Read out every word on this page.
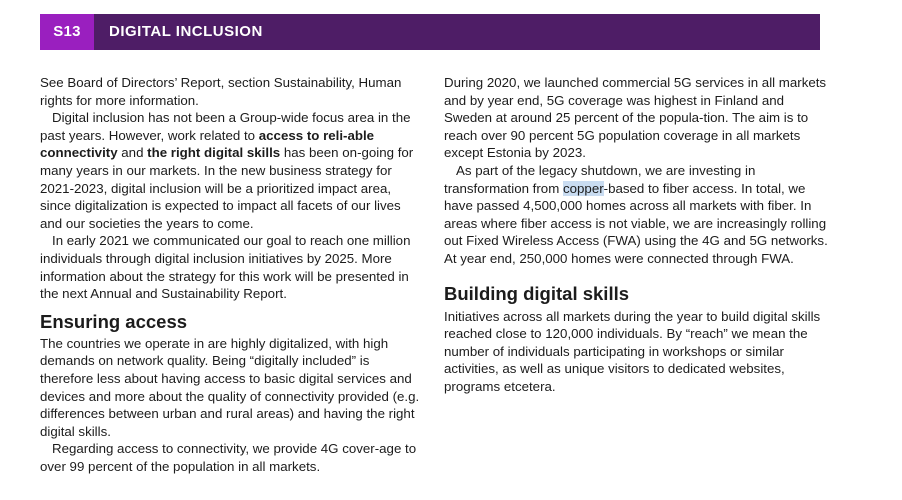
S13	DIGITAL INCLUSION

See Board of Directors’ Report, section Sustainability, Human rights for more information.

Digital inclusion has not been a Group-wide focus area in the past years. However, work related to access to reli-able connectivity and the right digital skills has been on-going for many years in our markets. In the new business strategy for 2021-2023, digital inclusion will be a prioritized impact area, since digitalization is expected to impact all facets of our lives and our societies the years to come.

In early 2021 we communicated our goal to reach one million individuals through digital inclusion initiatives by 2025. More information about the strategy for this work will be presented in the next Annual and Sustainability Report.

Ensuring access

The countries we operate in are highly digitalized, with high demands on network quality. Being “digitally included” is therefore less about having access to basic digital services and devices and more about the quality of connectivity provided (e.g. differences between urban and rural areas) and having the right digital skills.

Regarding access to connectivity, we provide 4G cover-age to over 99 percent of the population in all markets.

During 2020, we launched commercial 5G services in all markets and by year end, 5G coverage was highest in Finland and Sweden at around 25 percent of the popula-tion. The aim is to reach over 90 percent 5G population coverage in all markets except Estonia by 2023.

As part of the legacy shutdown, we are investing in transformation from copper-based to fiber access. In total, we have passed 4,500,000 homes across all markets with fiber. In areas where fiber access is not viable, we are increasingly rolling out Fixed Wireless Access (FWA) using the 4G and 5G networks. At year end, 250,000 homes were connected through FWA.

Building digital skills

Initiatives across all markets during the year to build digital skills reached close to 120,000 individuals. By “reach” we mean the number of individuals participating in workshops or similar activities, as well as unique visitors to dedicated websites, programs etcetera.
